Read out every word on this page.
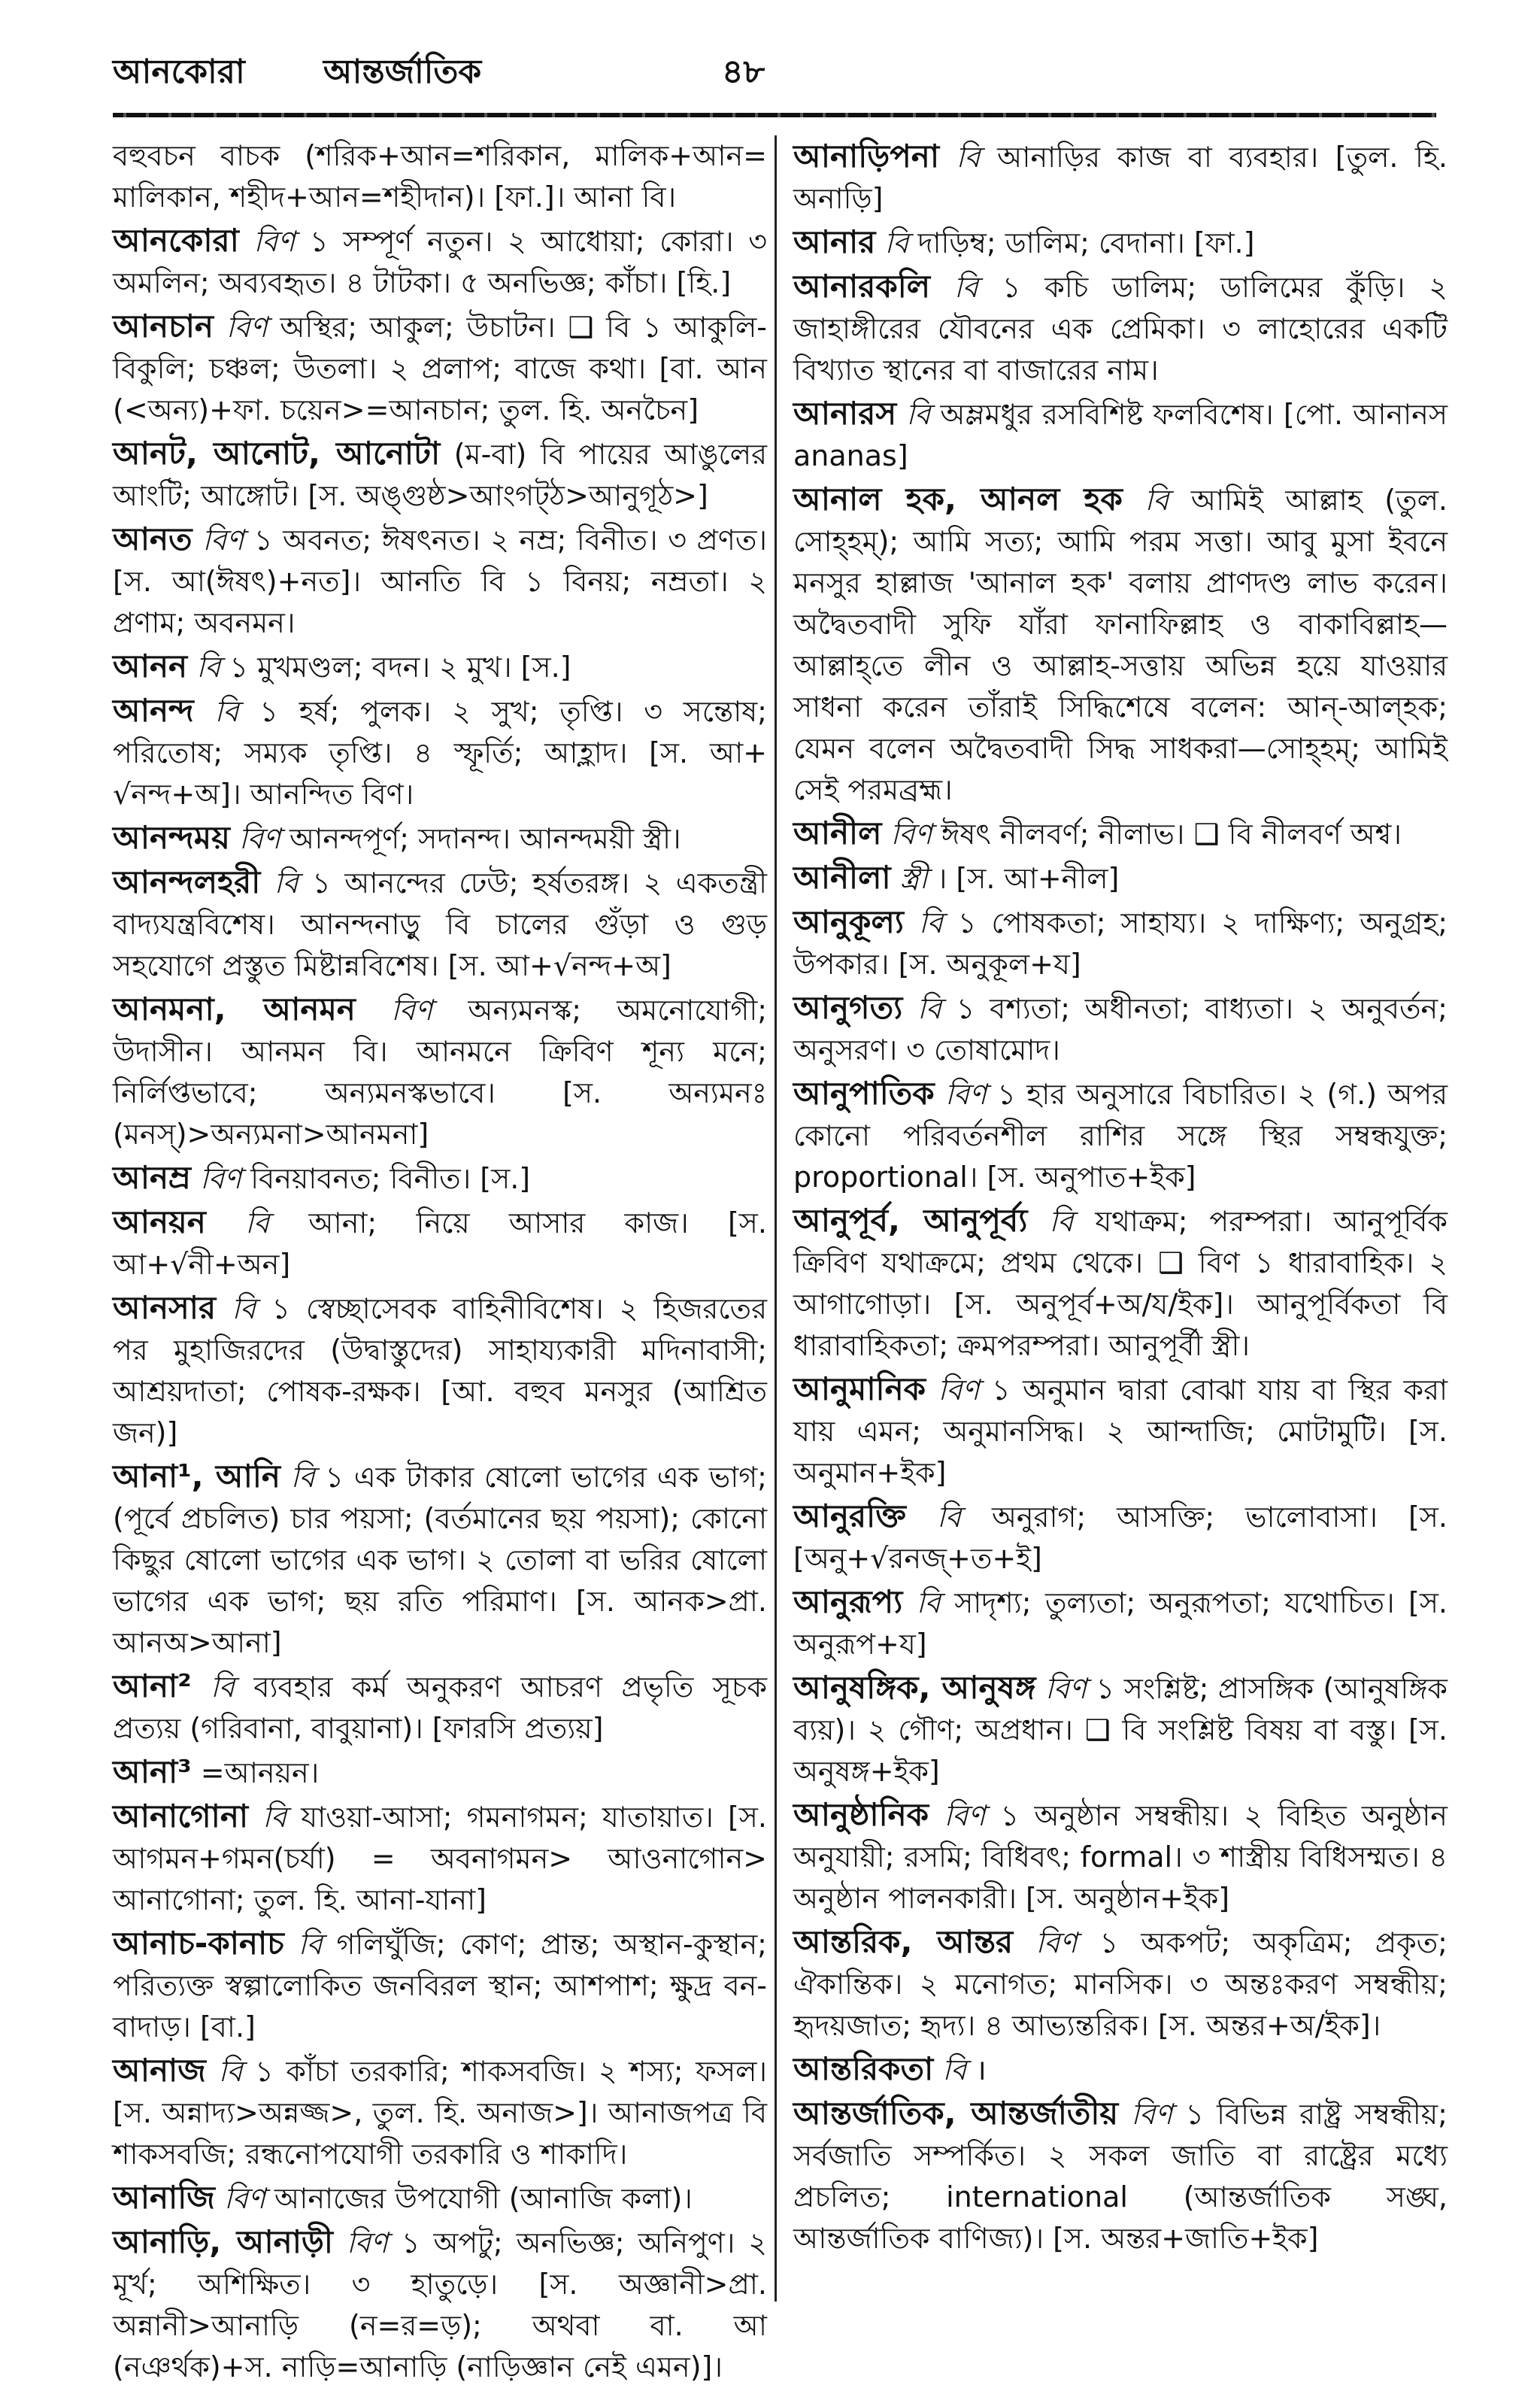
আনকোরা আন্তর্জাতিক	৪৮

বহুবচন বাচক (শরিক+আন=শরিকান, মালিক+আন= মালিকান, শহীদ+আন=শহীদান)। [ফা.]। আনা বি।

আনকোরা বিণ ১ সম্পূর্ণ নতুন। ২ আধোয়া; কোরা। ৩ অমলিন; অব্যবহৃত। ৪ টাটকা। ৫ অনভিজ্ঞ; কাঁচা। [হি.]

আনচান বিণ অস্থির; আকুল; উচাটন। ❑ বি ১ আকুলি-বিকুলি; চঞ্চল; উতলা। ২ প্রলাপ; বাজে কথা। [বা. আন (<অন্য)+ফা. চয়েন>=আনচান; তুল. হি. অনচৈন]

আনট, আনোট, আনোটা (ম-বা) বি পায়ের আঙুলের আংটি; আঙ্গোট। [স. অঙ্গুষ্ঠ>আংগট্ঠ>আনুগূঠ>]

আনত বিণ ১ অবনত; ঈষৎনত। ২ নম্র; বিনীত। ৩ প্রণত। [স. আ(ঈষৎ)+নত]। আনতি বি ১ বিনয়; নম্রতা। ২ প্রণাম; অবনমন।

আনন বি ১ মুখমণ্ডল; বদন। ২ মুখ। [স.]

আনন্দ বি ১ হর্ষ; পুলক। ২ সুখ; তৃপ্তি। ৩ সন্তোষ; পরিতোষ; সম্যক তৃপ্তি। ৪ স্ফূর্তি; আহ্লাদ। [স. আ+ √নন্দ+অ]। আনন্দিত বিণ।

আনন্দময় বিণ আনন্দপূর্ণ; সদানন্দ। আনন্দময়ী স্ত্রী।

আনন্দলহরী বি ১ আনন্দের ঢেউ; হর্ষতরঙ্গ। ২ একতন্ত্রী বাদ্যযন্ত্রবিশেষ। আনন্দনাড়ু বি চালের গুঁড়া ও গুড় সহযোগে প্রস্তুত মিষ্টান্নবিশেষ। [স. আ+√নন্দ+অ]

আনমনা, আনমন বিণ অন্যমনস্ক; অমনোযোগী; উদাসীন। আনমন বি। আনমনে ক্রিবিণ শূন্য মনে; নির্লিপ্তভাবে; অন্যমনস্কভাবে। [স. অন্যমনঃ (মনস্)>অন্যমনা>আনমনা]

আনম্র বিণ বিনয়াবনত; বিনীত। [স.]

আনয়ন বি আনা; নিয়ে আসার কাজ। [স. আ+√নী+অন]

আনসার বি ১ স্বেচ্ছাসেবক বাহিনীবিশেষ। ২ হিজরতের পর মুহাজিরদের (উদ্বাস্তুদের) সাহায্যকারী মদিনাবাসী; আশ্রয়দাতা; পোষক-রক্ষক। [আ. বহুব মনসুর (আশ্রিত জন)]

আনা¹, আনি বি ১ এক টাকার ষোলো ভাগের এক ভাগ; (পূর্বে প্রচলিত) চার পয়সা; (বর্তমানের ছয় পয়সা); কোনো কিছুর ষোলো ভাগের এক ভাগ। ২ তোলা বা ভরির ষোলো ভাগের এক ভাগ; ছয় রতি পরিমাণ। [স. আনক>প্রা. আনঅ>আনা]

আনা² বি ব্যবহার কর্ম অনুকরণ আচরণ প্রভৃতি সূচক প্রত্যয় (গরিবানা, বাবুয়ানা)। [ফারসি প্রত্যয়]

আনা³ =আনয়ন।

আনাগোনা বি যাওয়া-আসা; গমনাগমন; যাতায়াত। [স. আগমন+গমন(চর্যা) = অবনাগমন> আওনাগোন> আনাগোনা; তুল. হি. আনা-যানা]

আনাচ-কানাচ বি গলিঘুঁজি; কোণ; প্রান্ত; অস্থান-কুস্থান; পরিত্যক্ত স্বল্পালোকিত জনবিরল স্থান; আশপাশ; ক্ষুদ্র বন-বাদাড়। [বা.]

আনাজ বি ১ কাঁচা তরকারি; শাকসবজি। ২ শস্য; ফসল। [স. অন্নাদ্য>অন্নজ্জ>, তুল. হি. অনাজ>]। আনাজপত্র বি শাকসবজি; রন্ধনোপযোগী তরকারি ও শাকাদি।

আনাজি বিণ আনাজের উপযোগী (আনাজি কলা)।

আনাড়ি, আনাড়ী বিণ ১ অপটু; অনভিজ্ঞ; অনিপুণ। ২ মূর্খ; অশিক্ষিত। ৩ হাতুড়ে। [স. অজ্ঞানী>প্রা. অন্নানী>আনাড়ি (ন=র=ড়); অথবা বা. আ (নঞর্থক)+স. নাড়ি=আনাড়ি (নাড়িজ্ঞান নেই এমন)]।

আনাড়িপনা বি আনাড়ির কাজ বা ব্যবহার। [তুল. হি. অনাড়ি]

আনার বি দাড়িম্ব; ডালিম; বেদানা। [ফা.]

আনারকলি বি ১ কচি ডালিম; ডালিমের কুঁড়ি। ২ জাহাঙ্গীরের যৌবনের এক প্রেমিকা। ৩ লাহোরের একটি বিখ্যাত স্থানের বা বাজারের নাম।

আনারস বি অম্লমধুর রসবিশিষ্ট ফলবিশেষ। [পো. আনানস ananas]

আনাল হক, আনল হক বি আমিই আল্লাহ (তুল. সোহ্‌হম্); আমি সত্য; আমি পরম সত্তা। আবু মুসা ইবনে মনসুর হাল্লাজ 'আনাল হক' বলায় প্রাণদণ্ড লাভ করেন। অদ্বৈতবাদী সুফি যাঁরা ফানাফিল্লাহ ও বাকাবিল্লাহ—আল্লাহ্‌তে লীন ও আল্লাহ-সত্তায় অভিন্ন হয়ে যাওয়ার সাধনা করেন তাঁরাই সিদ্ধিশেষে বলেন: আন্-আল্‌হক; যেমন বলেন অদ্বৈতবাদী সিদ্ধ সাধকরা—সোহ্‌হম্; আমিই সেই পরমব্রহ্ম।

আনীল বিণ ঈষৎ নীলবর্ণ; নীলাভ। ❑ বি নীলবর্ণ অশ্ব।

আনীলা স্ত্রী । [স. আ+নীল]

আনুকূল্য বি ১ পোষকতা; সাহায্য। ২ দাক্ষিণ্য; অনুগ্রহ; উপকার। [স. অনুকূল+য]

আনুগত্য বি ১ বশ্যতা; অধীনতা; বাধ্যতা। ২ অনুবর্তন; অনুসরণ। ৩ তোষামোদ।

আনুপাতিক বিণ ১ হার অনুসারে বিচারিত। ২ (গ.) অপর কোনো পরিবর্তনশীল রাশির সঙ্গে স্থির সম্বন্ধযুক্ত; proportional। [স. অনুপাত+ইক]

আনুপূর্ব, আনুপূর্ব্য বি যথাক্রম; পরম্পরা। আনুপূর্বিক ক্রিবিণ যথাক্রমে; প্রথম থেকে। ❑ বিণ ১ ধারাবাহিক। ২ আগাগোড়া। [স. অনুপূর্ব+অ/য/ইক]। আনুপূর্বিকতা বি ধারাবাহিকতা; ক্রমপরম্পরা। আনুপূর্বী স্ত্রী।

আনুমানিক বিণ ১ অনুমান দ্বারা বোঝা যায় বা স্থির করা যায় এমন; অনুমানসিদ্ধ। ২ আন্দাজি; মোটামুটি। [স. অনুমান+ইক]

আনুরক্তি বি অনুরাগ; আসক্তি; ভালোবাসা। [স. [অনু+√রনজ্+ত+ই]

আনুরূপ্য বি সাদৃশ্য; তুল্যতা; অনুরূপতা; যথোচিত। [স. অনুরূপ+য]

আনুষঙ্গিক, আনুষঙ্গ বিণ ১ সংশ্লিষ্ট; প্রাসঙ্গিক (আনুষঙ্গিক ব্যয়)। ২ গৌণ; অপ্রধান। ❑ বি সংশ্লিষ্ট বিষয় বা বস্তু। [স. অনুষঙ্গ+ইক]

আনুষ্ঠানিক বিণ ১ অনুষ্ঠান সম্বন্ধীয়। ২ বিহিত অনুষ্ঠান অনুযায়ী; রসমি; বিধিবৎ; formal। ৩ শাস্ত্রীয় বিধিসম্মত। ৪ অনুষ্ঠান পালনকারী। [স. অনুষ্ঠান+ইক]

আন্তরিক, আন্তর বিণ ১ অকপট; অকৃত্রিম; প্রকৃত; ঐকান্তিক। ২ মনোগত; মানসিক। ৩ অন্তঃকরণ সম্বন্ধীয়; হৃদয়জাত; হৃদ্য। ৪ আভ্যন্তরিক। [স. অন্তর+অ/ইক]।

আন্তরিকতা বি ।

আন্তর্জাতিক, আন্তর্জাতীয় বিণ ১ বিভিন্ন রাষ্ট্র সম্বন্ধীয়; সর্বজাতি সম্পর্কিত। ২ সকল জাতি বা রাষ্ট্রের মধ্যে প্রচলিত; international (আন্তর্জাতিক সঙ্ঘ, আন্তর্জাতিক বাণিজ্য)। [স. অন্তর+জাতি+ইক]
